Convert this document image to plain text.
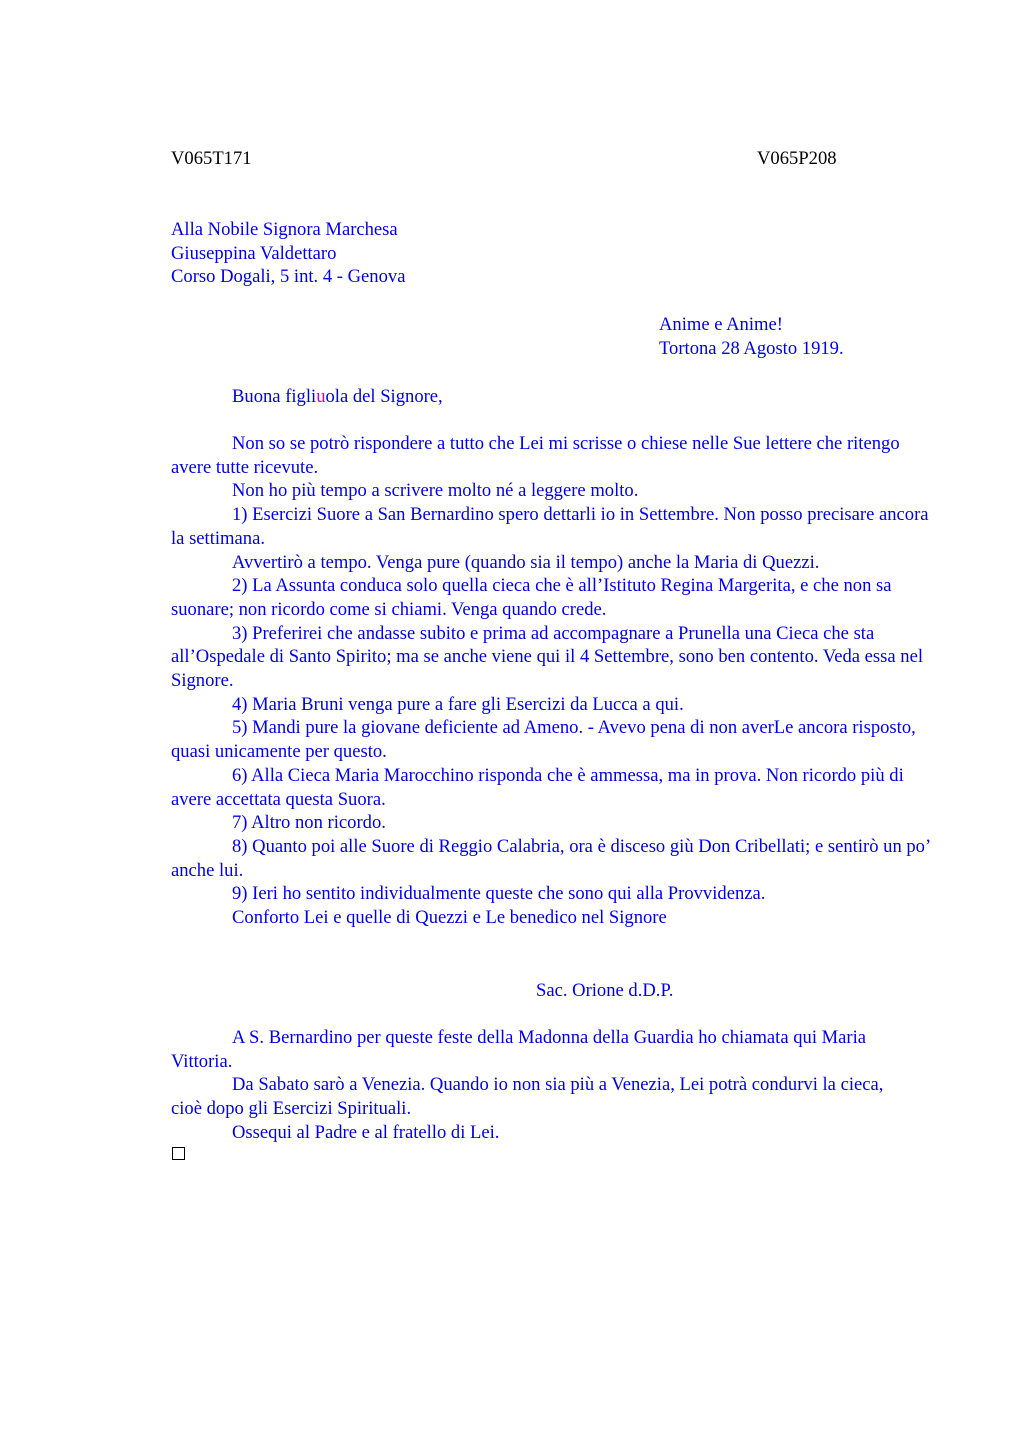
V065T171	V065P208
Alla Nobile Signora Marchesa
Giuseppina Valdettaro
Corso Dogali, 5 int. 4 - Genova
Anime e Anime!
Tortona 28 Agosto 1919.
Buona figliuola del Signore,

Non so se potrò rispondere a tutto che Lei mi scrisse o chiese nelle Sue lettere che ritengo avere tutte ricevute.

Non ho più tempo a scrivere molto né a leggere molto.

1) Esercizi Suore a San Bernardino spero dettarli io in Settembre. Non posso precisare ancora la settimana.

Avvertirò a tempo. Venga pure (quando sia il tempo) anche la Maria di Quezzi.

2) La Assunta conduca solo quella cieca che è all’Istituto Regina Margerita, e che non sa suonare; non ricordo come si chiami. Venga quando crede.

3) Preferirei che andasse subito e prima ad accompagnare a Prunella una Cieca che sta all’Ospedale di Santo Spirito; ma se anche viene qui il 4 Settembre, sono ben contento. Veda essa nel Signore.

4) Maria Bruni venga pure a fare gli Esercizi da Lucca a qui.

5) Mandi pure la giovane deficiente ad Ameno. - Avevo pena di non averLe ancora risposto, quasi unicamente per questo.

6) Alla Cieca Maria Marocchino risponda che è ammessa, ma in prova. Non ricordo più di avere accettata questa Suora.

7) Altro non ricordo.

8) Quanto poi alle Suore di Reggio Calabria, ora è disceso giù Don Cribellati; e sentirò un po’ anche lui.

9) Ieri ho sentito individualmente queste che sono qui alla Provvidenza.

Conforto Lei e quelle di Quezzi e Le benedico nel Signore

Sac. Orione d.D.P.

A S. Bernardino per queste feste della Madonna della Guardia ho chiamata qui Maria Vittoria.

Da Sabato sarò a Venezia. Quando io non sia più a Venezia, Lei potrà condurvi la cieca, cioè dopo gli Esercizi Spirituali.

Ossequi al Padre e al fratello di Lei.
